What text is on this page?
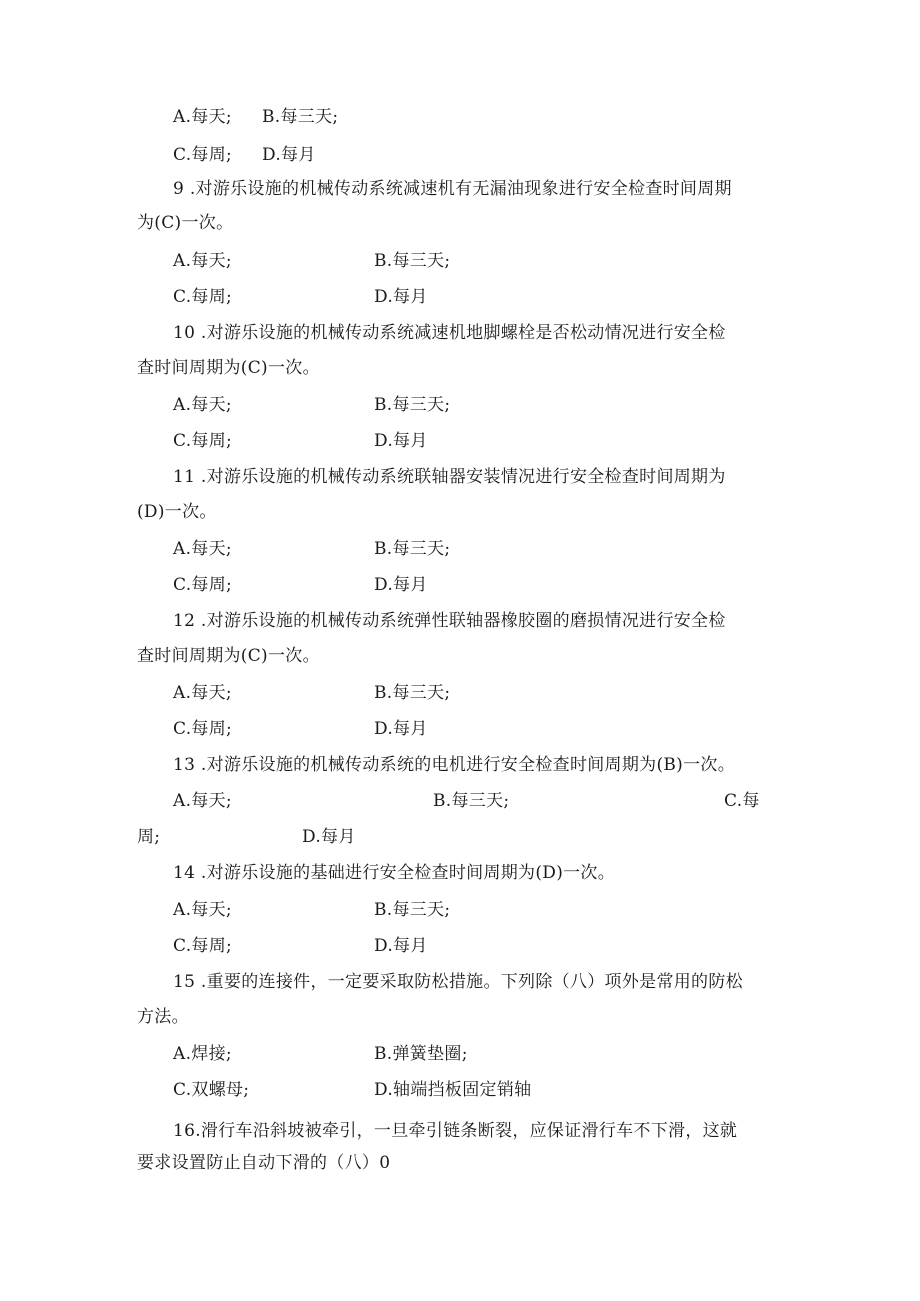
A.每天; B.每三天;
C.每周; D.每月
9 .对游乐设施的机械传动系统减速机有无漏油现象进行安全检查时间周期
为(C)一次。
A.每天;	B.每三天;
C.每周;	D.每月
10 .对游乐设施的机械传动系统减速机地脚螺栓是否松动情况进行安全检
查时间周期为(C)一次。
A.每天;	B.每三天;
C.每周;	D.每月
11 .对游乐设施的机械传动系统联轴器安装情况进行安全检查时间周期为
(D)一次。
A.每天;	B.每三天;
C.每周;	D.每月
12 .对游乐设施的机械传动系统弹性联轴器橡胶圈的磨损情况进行安全检
查时间周期为(C)一次。
A.每天;	B.每三天;
C.每周;	D.每月
13 .对游乐设施的机械传动系统的电机进行安全检查时间周期为(B)一次。
A.每天;	B.每三天;	C.每
周;	D.每月
14 .对游乐设施的基础进行安全检查时间周期为(D)一次。
A.每天;	B.每三天;
C.每周;	D.每月
15 .重要的连接件，一定要采取防松措施。下列除（八）项外是常用的防松
方法。
A.焊接;	B.弹簧垫圈;
C.双螺母;	D.轴端挡板固定销轴
16.滑行车沿斜坡被牵引，一旦牵引链条断裂，应保证滑行车不下滑，这就
要求设置防止自动下滑的（八）0
